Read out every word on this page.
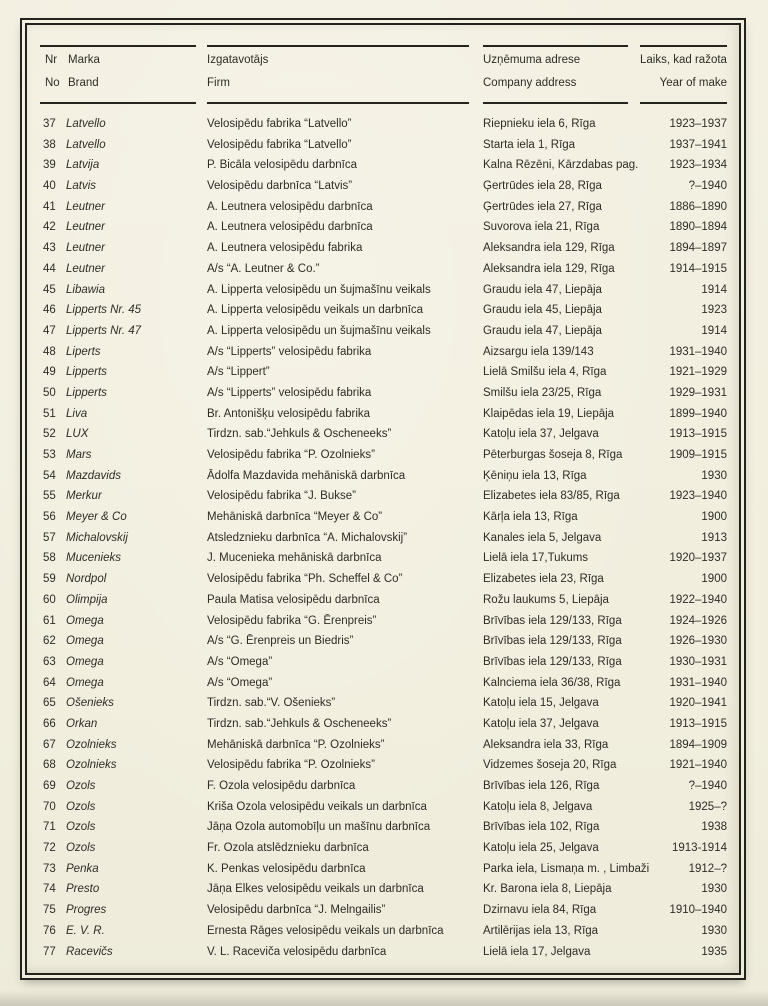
Nr Marka	Izgatavotājs	Uzņēmuma adrese	Laiks, kad ražota
No Brand	Firm	Company address	Year of make
37 Latvello	Velosipēdu fabrika “Latvello”	Riepnieku iela 6, Rīga	1923–1937
38 Latvello	Velosipēdu fabrika “Latvello”	Starta iela 1, Rīga	1937–1941
39 Latvija	P. Bicāla velosipēdu darbnīca	Kalna Rēzēni, Kārzdabas pag.	1923–1934
40 Latvis	Velosipēdu darbnīca “Latvis”	Ģertrūdes iela 28, Rīga	?–1940
41 Leutner	A. Leutnera velosipēdu darbnīca	Ģertrūdes iela 27, Rīga	1886–1890
42 Leutner	A. Leutnera velosipēdu darbnīca	Suvorova iela 21, Rīga	1890–1894
43 Leutner	A. Leutnera velosipēdu fabrika	Aleksandra iela 129, Rīga	1894–1897
44 Leutner	A/s “A. Leutner & Co.”	Aleksandra iela 129, Rīga	1914–1915
45 Libawia	A. Lipperta velosipēdu un šujmašīnu veikals	Graudu iela 47, Liepāja	1914
46 Lipperts Nr. 45	A. Lipperta velosipēdu veikals un darbnīca	Graudu iela 45, Liepāja	1923
47 Lipperts Nr. 47	A. Lipperta velosipēdu un šujmašīnu veikals	Graudu iela 47, Liepāja	1914
48 Liperts	A/s “Lipperts” velosipēdu fabrika	Aizsargu iela 139/143	1931–1940
49 Lipperts	A/s “Lippert”	Lielā Smilšu iela 4, Rīga	1921–1929
50 Lipperts	A/s “Lipperts” velosipēdu fabrika	Smilšu iela 23/25, Rīga	1929–1931
51 Liva	Br. Antonišķu velosipēdu fabrika	Klaipēdas iela 19, Liepāja	1899–1940
52 LUX	Tirdzn. sab.“Jehkuls & Oscheneeks”	Katoļu iela 37, Jelgava	1913–1915
53 Mars	Velosipēdu fabrika “P. Ozolnieks”	Pēterburgas šoseja 8, Rīga	1909–1915
54 Mazdavids	Ādolfa Mazdavida mehāniskā darbnīca	Ķēniņu iela 13, Rīga	1930
55 Merkur	Velosipēdu fabrika “J. Bukse”	Elizabetes iela 83/85, Rīga	1923–1940
56 Meyer & Co	Mehāniskā darbnīca “Meyer & Co”	Kārļa iela 13, Rīga	1900
57 Michalovskij	Atsledznieku darbnīca “A. Michalovskij”	Kanales iela 5, Jelgava	1913
58 Mucenieks	J. Mucenieka mehāniskā darbnīca	Lielā iela 17,Tukums	1920–1937
59 Nordpol	Velosipēdu fabrika “Ph. Scheffel & Co”	Elizabetes iela 23, Rīga	1900
60 Olimpija	Paula Matisa velosipēdu darbnīca	Rožu laukums 5, Liepāja	1922–1940
61 Omega	Velosipēdu fabrika “G. Ērenpreis”	Brīvības iela 129/133, Rīga	1924–1926
62 Omega	A/s “G. Ērenpreis un Biedris”	Brīvības iela 129/133, Rīga	1926–1930
63 Omega	A/s “Omega”	Brīvības iela 129/133, Rīga	1930–1931
64 Omega	A/s “Omega”	Kalnciema iela 36/38, Rīga	1931–1940
65 Ošenieks	Tirdzn. sab.“V. Ošenieks”	Katoļu iela 15, Jelgava	1920–1941
66 Orkan	Tirdzn. sab.“Jehkuls & Oscheneeks”	Katoļu iela 37, Jelgava	1913–1915
67 Ozolnieks	Mehāniskā darbnīca “P. Ozolnieks”	Aleksandra iela 33, Rīga	1894–1909
68 Ozolnieks	Velosipēdu fabrika “P. Ozolnieks”	Vidzemes šoseja 20, Rīga	1921–1940
69 Ozols	F. Ozola velosipēdu darbnīca	Brīvības iela 126, Rīga	?–1940
70 Ozols	Kriša Ozola velosipēdu veikals un darbnīca	Katoļu iela 8, Jelgava	1925–?
71 Ozols	Jāņa Ozola automobīļu un mašīnu darbnīca	Brīvības iela 102, Rīga	1938
72 Ozols	Fr. Ozola atslēdznieku darbnīca	Katoļu iela 25, Jelgava	1913-1914
73 Penka	K. Penkas velosipēdu darbnīca	Parka iela, Lismaņa m. , Limbaži	1912–?
74 Presto	Jāņa Elkes velosipēdu veikals un darbnīca	Kr. Barona iela 8, Liepāja	1930
75 Progres	Velosipēdu darbnīca “J. Melngailis”	Dzirnavu iela 84, Rīga	1910–1940
76 E. V. R.	Ernesta Rāges velosipēdu veikals un darbnīca	Artilērijas iela 13, Rīga	1930
77 Racevičs	V. L. Raceviča velosipēdu darbnīca	Lielā iela 17, Jelgava	1935
